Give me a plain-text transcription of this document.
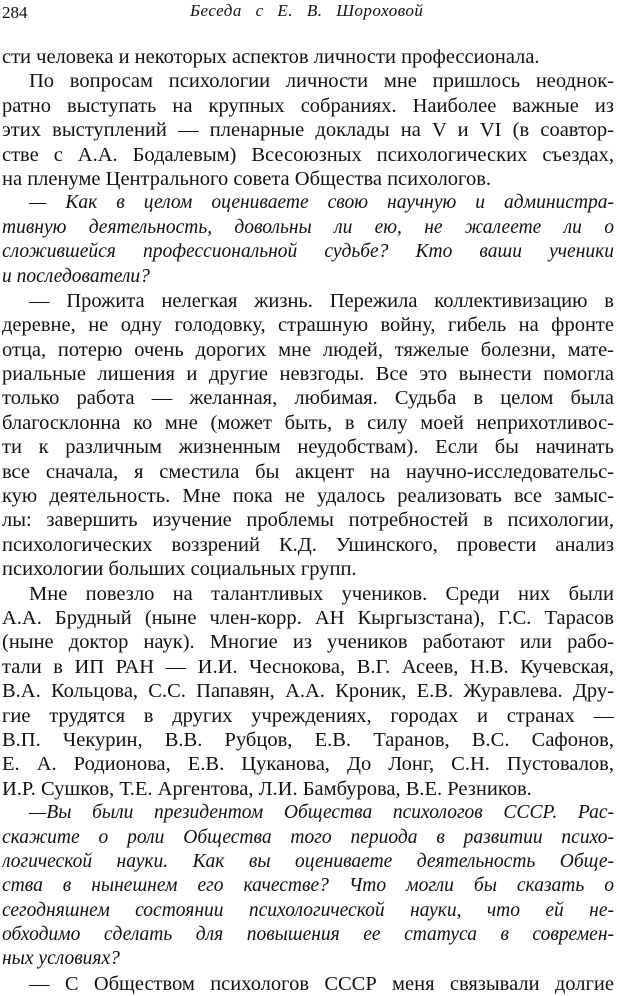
284	Беседа с Е. В. Шороховой
сти человека и некоторых аспектов личности профессионала.
По вопросам психологии личности мне пришлось неоднок-
ратно выступать на крупных собраниях. Наиболее важные из
этих выступлений — пленарные доклады на V и VI (в соавтор-
стве с А.А. Бодалевым) Всесоюзных психологических съездах,
на пленуме Центрального совета Общества психологов.
— Как в целом оцениваете свою научную и администра-
тивную деятельность, довольны ли ею, не жалеете ли о
сложившейся профессиональной судьбе? Кто ваши ученики
и последователи?
— Прожита нелегкая жизнь. Пережила коллективизацию в
деревне, не одну голодовку, страшную войну, гибель на фронте
отца, потерю очень дорогих мне людей, тяжелые болезни, мате-
риальные лишения и другие невзгоды. Все это вынести помогла
только работа — желанная, любимая. Судьба в целом была
благосклонна ко мне (может быть, в силу моей неприхотливос-
ти к различным жизненным неудобствам). Если бы начинать
все сначала, я сместила бы акцент на научно-исследовательс-
кую деятельность. Мне пока не удалось реализовать все замыс-
лы: завершить изучение проблемы потребностей в психологии,
психологических воззрений К.Д. Ушинского, провести анализ
психологии больших социальных групп.
Мне повезло на талантливых учеников. Среди них были
А.А. Брудный (ныне член-корр. АН Кыргызстана), Г.С. Тарасов
(ныне доктор наук). Многие из учеников работают или рабо-
тали в ИП РАН — И.И. Чеснокова, В.Г. Асеев, Н.В. Кучевская,
В.А. Кольцова, С.С. Папавян, А.А. Кроник, Е.В. Журавлева. Дру-
гие трудятся в других учреждениях, городах и странах —
В.П. Чекурин, В.В. Рубцов, Е.В. Таранов, В.С. Сафонов,
Е. А. Родионова, Е.В. Цуканова, До Лонг, С.Н. Пустовалов,
И.Р. Сушков, Т.Е. Аргентова, Л.И. Бамбурова, В.Е. Резников.
—Вы были президентом Общества психологов СССР. Рас-
скажите о роли Общества того периода в развитии психо-
логической науки. Как вы оцениваете деятельность Обще-
ства в нынешнем его качестве? Что могли бы сказать о
сегодняшнем состоянии психологической науки, что ей не-
обходимо сделать для повышения ее статуса в современ-
ных условиях?
— С Обществом психологов СССР меня связывали долгие
